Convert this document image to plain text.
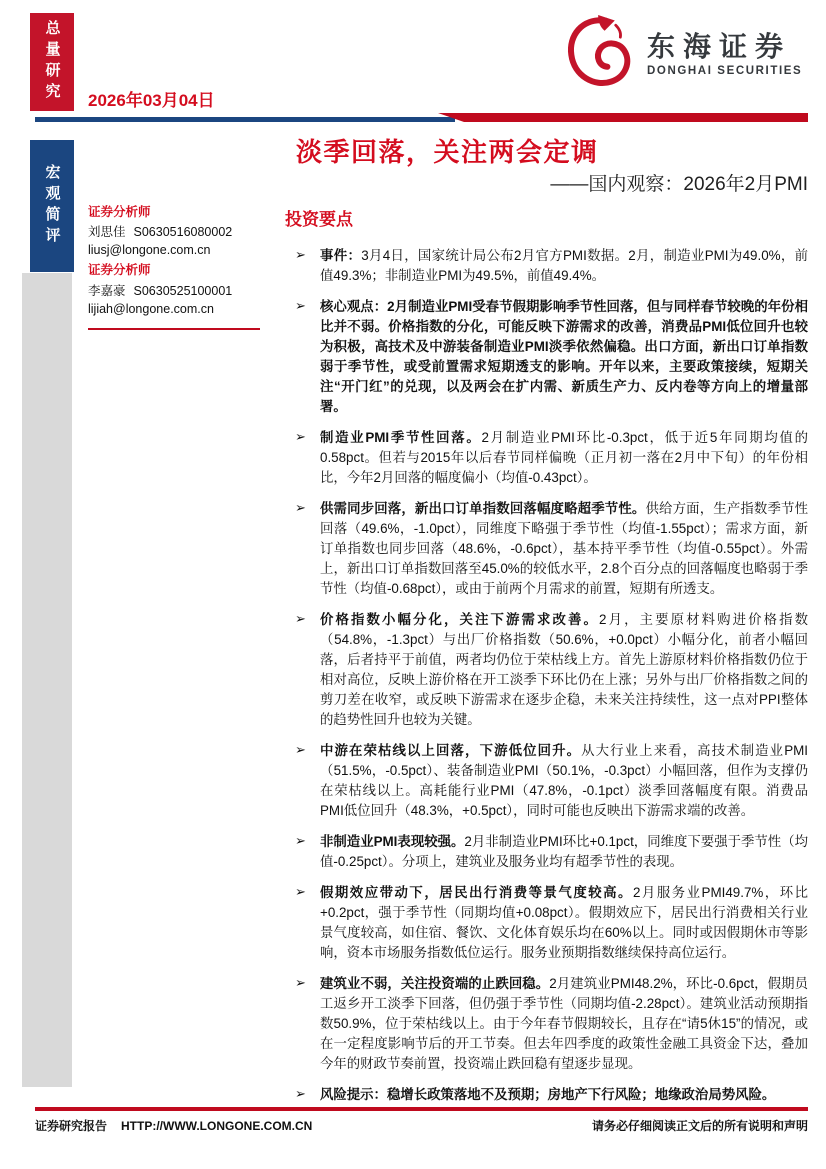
总量研究
宏观简评
2026年03月04日
东海证券
DONGHAI SECURITIES
淡季回落，关注两会定调
——国内观察：2026年2月PMI
证券分析师
刘思佳 S0630516080002
liusj@longone.com.cn
证券分析师
李嘉豪 S0630525100001
lijiah@longone.com.cn
投资要点
➢ 事件：3月4日，国家统计局公布2月官方PMI数据。2月，制造业PMI为49.0%，前值49.3%；非制造业PMI为49.5%，前值49.4%。

➢ 核心观点：2月制造业PMI受春节假期影响季节性回落，但与同样春节较晚的年份相比并不弱。价格指数的分化，可能反映下游需求的改善，消费品PMI低位回升也较为积极，高技术及中游装备制造业PMI淡季依然偏稳。出口方面，新出口订单指数弱于季节性，或受前置需求短期透支的影响。开年以来，主要政策接续，短期关注“开门红”的兑现，以及两会在扩内需、新质生产力、反内卷等方向上的增量部署。

➢ 制造业PMI季节性回落。2月制造业PMI环比-0.3pct，低于近5年同期均值的0.58pct。但若与2015年以后春节同样偏晚（正月初一落在2月中下旬）的年份相比，今年2月回落的幅度偏小（均值-0.43pct）。

➢ 供需同步回落，新出口订单指数回落幅度略超季节性。供给方面，生产指数季节性回落（49.6%，-1.0pct），同维度下略强于季节性（均值-1.55pct）；需求方面，新订单指数也同步回落（48.6%，-0.6pct），基本持平季节性（均值-0.55pct）。外需上，新出口订单指数回落至45.0%的较低水平，2.8个百分点的回落幅度也略弱于季节性（均值-0.68pct），或由于前两个月需求的前置，短期有所透支。

➢ 价格指数小幅分化，关注下游需求改善。2月，主要原材料购进价格指数（54.8%，-1.3pct）与出厂价格指数（50.6%，+0.0pct）小幅分化，前者小幅回落，后者持平于前值，两者均仍位于荣枯线上方。首先上游原材料价格指数仍位于相对高位，反映上游价格在开工淡季下环比仍在上涨；另外与出厂价格指数之间的剪刀差在收窄，或反映下游需求在逐步企稳，未来关注持续性，这一点对PPI整体的趋势性回升也较为关键。

➢ 中游在荣枯线以上回落，下游低位回升。从大行业上来看，高技术制造业PMI（51.5%，-0.5pct）、装备制造业PMI（50.1%，-0.3pct）小幅回落，但作为支撑仍在荣枯线以上。高耗能行业PMI（47.8%，-0.1pct）淡季回落幅度有限。消费品PMI低位回升（48.3%，+0.5pct），同时可能也反映出下游需求端的改善。

➢ 非制造业PMI表现较强。2月非制造业PMI环比+0.1pct，同维度下要强于季节性（均值-0.25pct）。分项上，建筑业及服务业均有超季节性的表现。

➢ 假期效应带动下，居民出行消费等景气度较高。2月服务业PMI49.7%，环比+0.2pct，强于季节性（同期均值+0.08pct）。假期效应下，居民出行消费相关行业景气度较高，如住宿、餐饮、文化体育娱乐均在60%以上。同时或因假期休市等影响，资本市场服务指数低位运行。服务业预期指数继续保持高位运行。

➢ 建筑业不弱，关注投资端的止跌回稳。2月建筑业PMI48.2%，环比-0.6pct，假期员工返乡开工淡季下回落，但仍强于季节性（同期均值-2.28pct）。建筑业活动预期指数50.9%，位于荣枯线以上。由于今年春节假期较长，且存在“请5休15”的情况，或在一定程度影响节后的开工节奏。但去年四季度的政策性金融工具资金下达，叠加今年的财政节奏前置，投资端止跌回稳有望逐步显现。

➢ 风险提示：稳增长政策落地不及预期；房地产下行风险；地缘政治局势风险。

证券研究报告 HTTP://WWW.LONGONE.COM.CN	请务必仔细阅读正文后的所有说明和声明
